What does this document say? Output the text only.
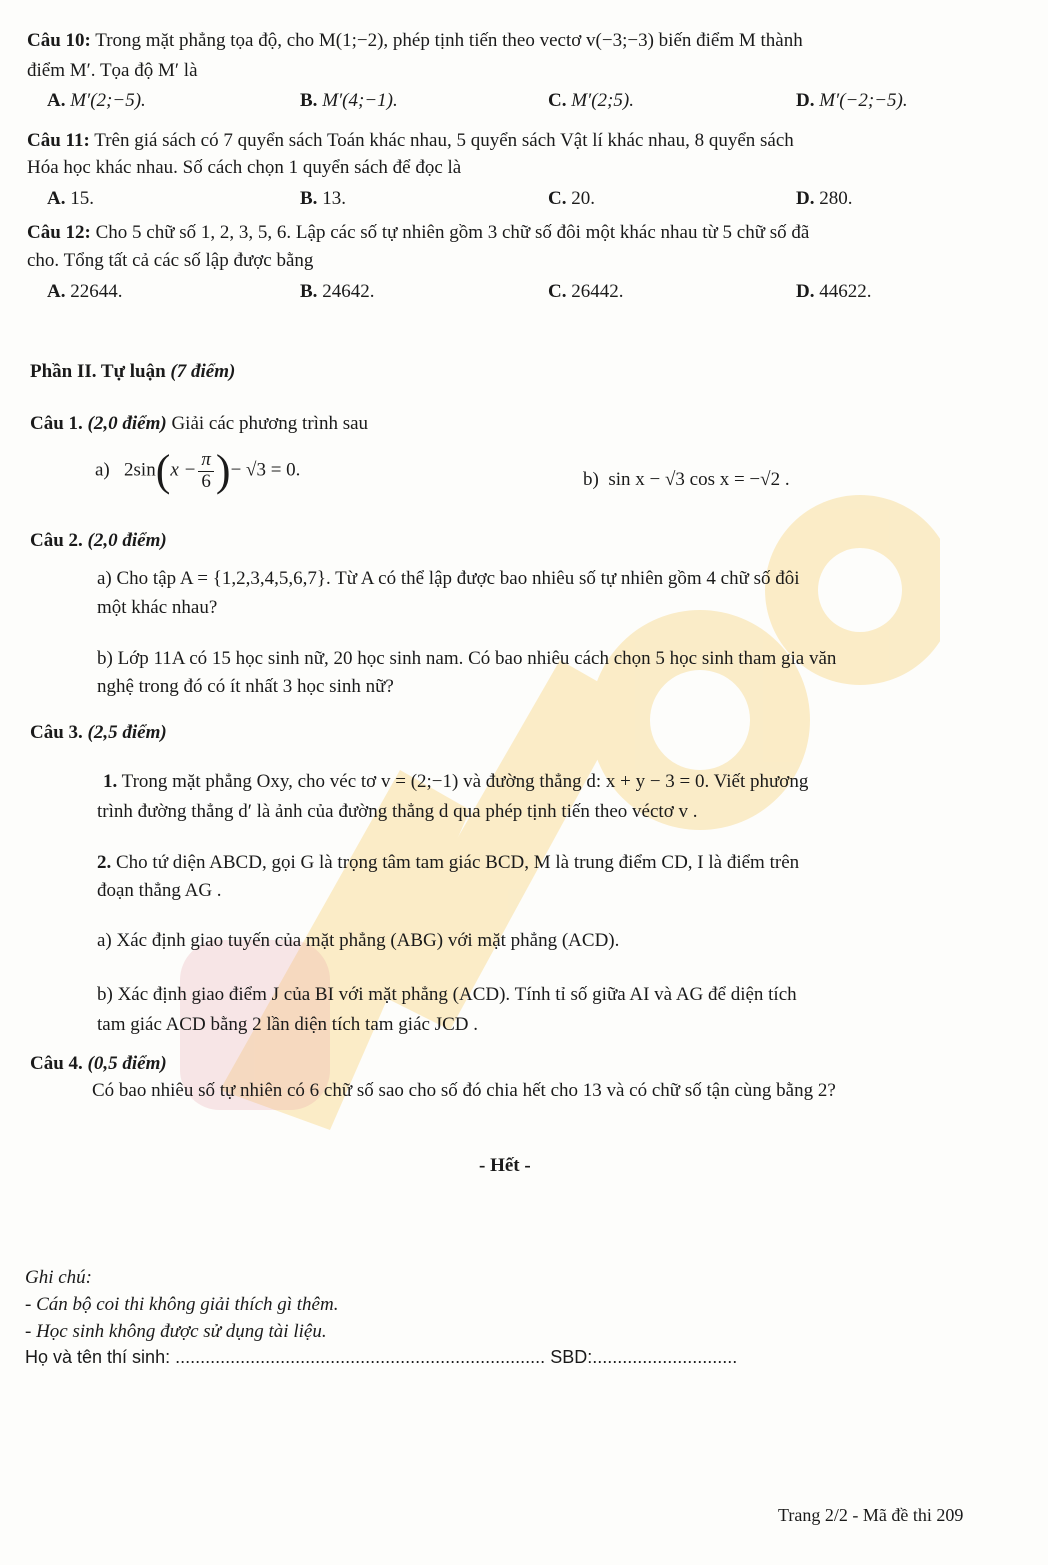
Câu 10: Trong mặt phẳng tọa độ, cho M(1;−2), phép tịnh tiến theo vectơ v(−3;−3) biến điểm M thành
điểm M′. Tọa độ M′ là
A. M′(2;−5).	B. M′(4;−1).	C. M′(2;5).	D. M′(−2;−5).
Câu 11: Trên giá sách có 7 quyển sách Toán khác nhau, 5 quyển sách Vật lí khác nhau, 8 quyển sách
Hóa học khác nhau. Số cách chọn 1 quyển sách để đọc là
A. 15.	B. 13.	C. 20.	D. 280.
Câu 12: Cho 5 chữ số 1, 2, 3, 5, 6. Lập các số tự nhiên gồm 3 chữ số đôi một khác nhau từ 5 chữ số đã
cho. Tổng tất cả các số lập được bằng
A. 22644.	B. 24642.	C. 26442.	D. 44622.
Phần II. Tự luận (7 điểm)
Câu 1. (2,0 điểm) Giải các phương trình sau
a) $2\sin(x - \frac{\pi}{6}$ )− √3 = 0.	b) sin x − √3 cos x = −√2 .
Câu 2. (2,0 điểm)
a) Cho tập A = {1,2,3,4,5,6,7}. Từ A có thể lập được bao nhiêu số tự nhiên gồm 4 chữ số đôi
một khác nhau?
b) Lớp 11A có 15 học sinh nữ, 20 học sinh nam. Có bao nhiêu cách chọn 5 học sinh tham gia văn
nghệ trong đó có ít nhất 3 học sinh nữ?
Câu 3. (2,5 điểm)
1. Trong mặt phẳng Oxy, cho véc tơ v = (2;−1) và đường thẳng d: x + y − 3 = 0. Viết phương
trình đường thẳng d′ là ảnh của đường thẳng d qua phép tịnh tiến theo véctơ v .
2. Cho tứ diện ABCD, gọi G là trọng tâm tam giác BCD, M là trung điểm CD, I là điểm trên
đoạn thẳng AG .
a) Xác định giao tuyến của mặt phẳng (ABG) với mặt phẳng (ACD).
b) Xác định giao điểm J của BI với mặt phẳng (ACD). Tính tỉ số giữa AI và AG để diện tích
tam giác ACD bằng 2 lần diện tích tam giác JCD .
Câu 4. (0,5 điểm)
Có bao nhiêu số tự nhiên có 6 chữ số sao cho số đó chia hết cho 13 và có chữ số tận cùng bằng 2?
- Hết -
Ghi chú:
- Cán bộ coi thi không giải thích gì thêm.
- Học sinh không được sử dụng tài liệu.
Họ và tên thí sinh: .......................................................................... SBD:.............................
Trang 2/2 - Mã đề thi 209
